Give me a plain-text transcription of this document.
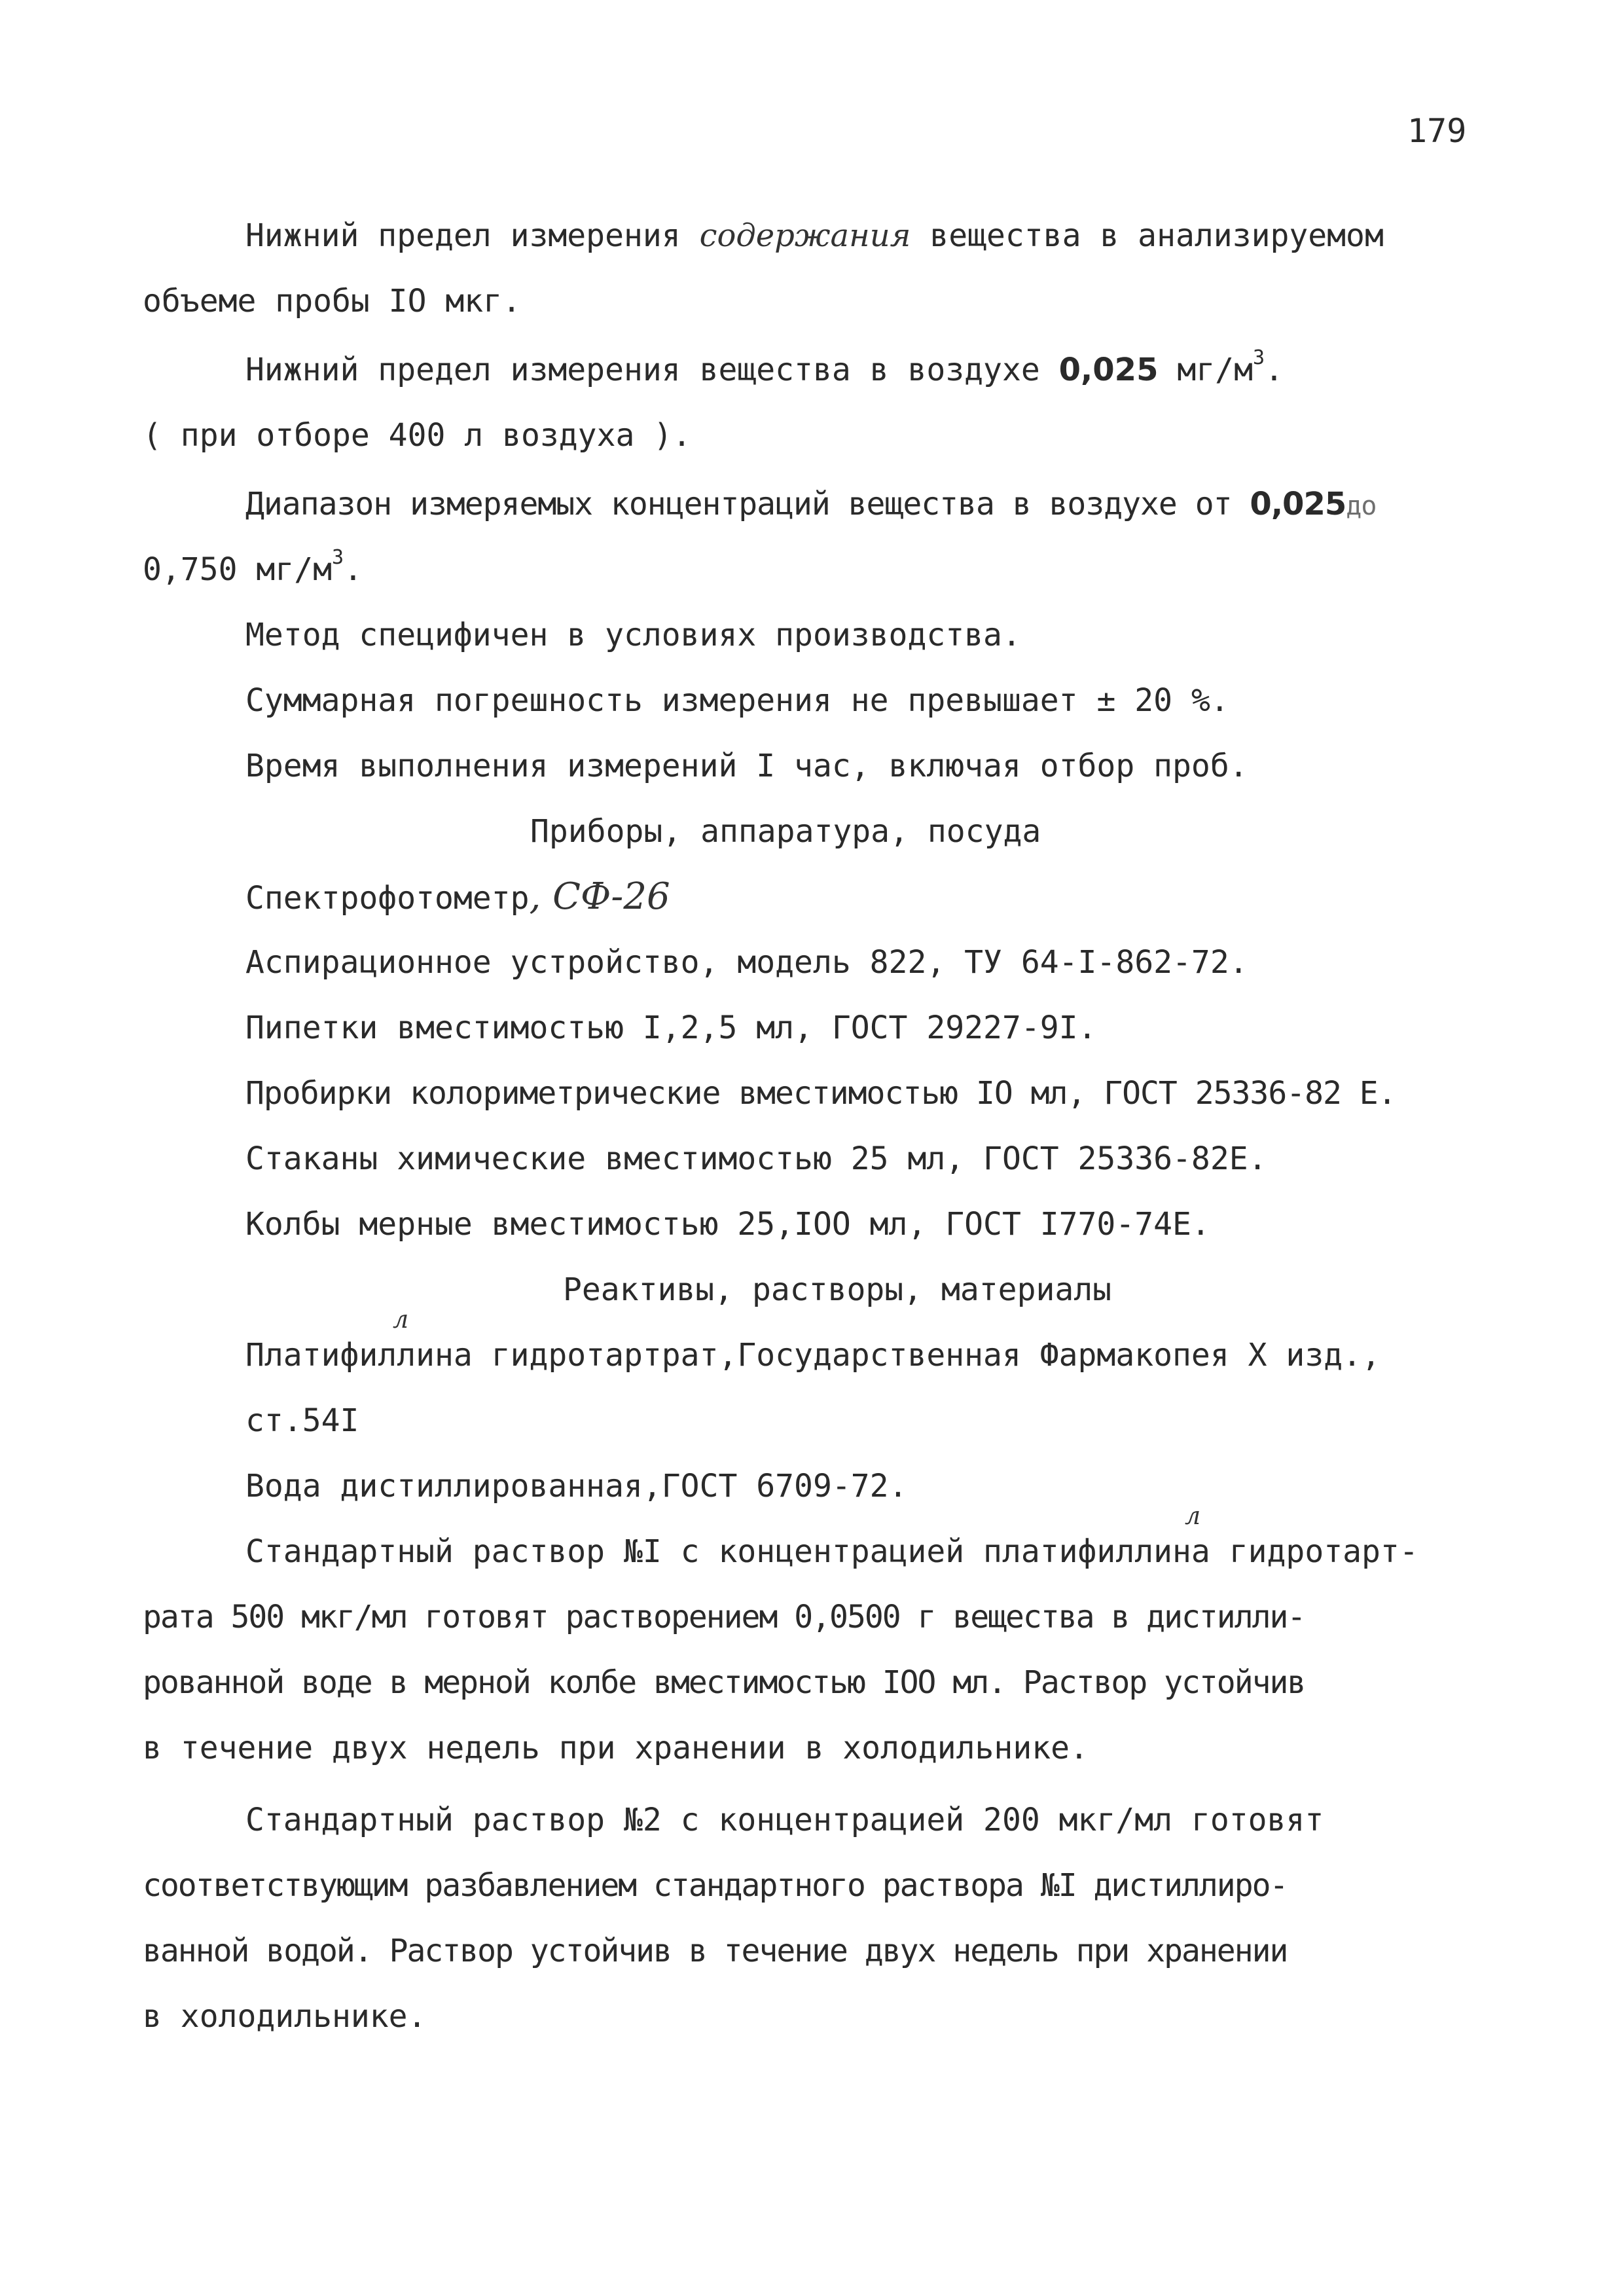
179
Нижний предел измерения содержания вещества в анализируемом
объеме пробы IO мкг.
Нижний предел измерения вещества в воздухе 0,025 $мг/м^3$.
( при отборе 400 л воздуха ).
Диапазон измеряемых концентраций вещества в воздухе от 0,025до
0,750 $мг/м^3$.
Метод специфичен в условиях производства.
Суммарная погрешность измерения не превышает ± 20 %.
Время выполнения измерений I час, включая отбор проб.
Приборы, аппаратура, посуда
Спектрофотометр, СФ-26
Аспирационное устройство, модель 822, ТУ 64-I-862-72.
Пипетки вместимостью I,2,5 мл, ГОСТ 29227-9I.
Пробирки колориметрические вместимостью IO мл, ГОСТ 25336-82 Е.
Стаканы химические вместимостью 25 мл, ГОСТ 25336-82Е.
Колбы мерные вместимостью 25,IOO мл, ГОСТ I770-74Е.
Реактивы, растворы, материалы
л
Платифиллина гидротартрат,Государственная Фармакопея X изд.,
ст.54I
Вода дистиллированная,ГОСТ 6709-72.
л
Стандартный раствор №I с концентрацией платифиллина гидротарт-
рата 500 мкг/мл готовят растворением 0,0500 г вещества в дистилли-
рованной воде в мерной колбе вместимостью IOO мл. Раствор устойчив
в течение двух недель при хранении в холодильнике.
Стандартный раствор №2 с концентрацией 200 мкг/мл готовят
соответствующим разбавлением стандартного раствора №I дистиллиро-
ванной водой. Раствор устойчив в течение двух недель при хранении
в холодильнике.
